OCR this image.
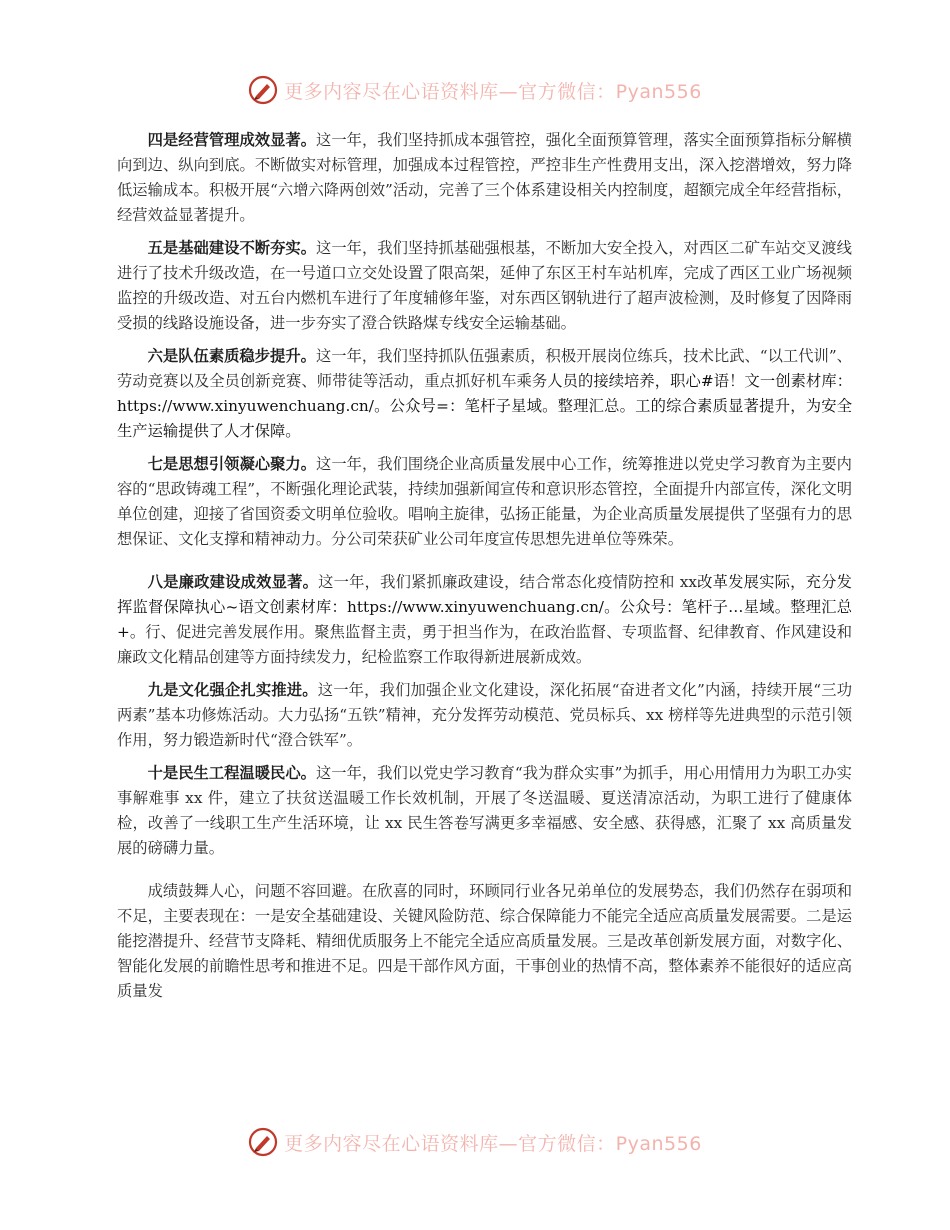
更多内容尽在心语资料库—官方微信：Pyan556

四是经营管理成效显著。这一年，我们坚持抓成本强管控，强化全面预算管理，落实全面预算指标分解横向到边、纵向到底。不断做实对标管理，加强成本过程管控，严控非生产性费用支出，深入挖潜增效，努力降低运输成本。积极开展“六增六降两创效”活动，完善了三个体系建设相关内控制度，超额完成全年经营指标，经营效益显著提升。

五是基础建设不断夯实。这一年，我们坚持抓基础强根基，不断加大安全投入，对西区二矿车站交叉渡线进行了技术升级改造，在一号道口立交处设置了限高架，延伸了东区王村车站机库，完成了西区工业广场视频监控的升级改造、对五台内燃机车进行了年度辅修年鉴，对东西区钢轨进行了超声波检测，及时修复了因降雨受损的线路设施设备，进一步夯实了澄合铁路煤专线安全运输基础。

六是队伍素质稳步提升。这一年，我们坚持抓队伍强素质，积极开展岗位练兵，技术比武、“以工代训”、劳动竞赛以及全员创新竞赛、师带徒等活动，重点抓好机车乘务人员的接续培养，职心#语！文一创素材库：https://www.xinyuwenchuang.cn/。公众号=：笔杆子星域。整理汇总。工的综合素质显著提升，为安全生产运输提供了人才保障。

七是思想引领凝心聚力。这一年，我们围绕企业高质量发展中心工作，统筹推进以党史学习教育为主要内容的“思政铸魂工程”，不断强化理论武装，持续加强新闻宣传和意识形态管控，全面提升内部宣传，深化文明单位创建，迎接了省国资委文明单位验收。唱响主旋律，弘扬正能量，为企业高质量发展提供了坚强有力的思想保证、文化支撑和精神动力。分公司荣获矿业公司年度宣传思想先进单位等殊荣。

八是廉政建设成效显著。这一年，我们紧抓廉政建设，结合常态化疫情防控和 xx改革发展实际，充分发挥监督保障执心~语文创素材库：https://www.xinyuwenchuang.cn/。公众号：笔杆子…星域。整理汇总+。行、促进完善发展作用。聚焦监督主责，勇于担当作为，在政治监督、专项监督、纪律教育、作风建设和廉政文化精品创建等方面持续发力，纪检监察工作取得新进展新成效。

九是文化强企扎实推进。这一年，我们加强企业文化建设，深化拓展“奋进者文化”内涵，持续开展“三功两素”基本功修炼活动。大力弘扬“五铁”精神，充分发挥劳动模范、党员标兵、xx 榜样等先进典型的示范引领作用，努力锻造新时代“澄合铁军”。

十是民生工程温暖民心。这一年，我们以党史学习教育“我为群众实事”为抓手，用心用情用力为职工办实事解难事 xx 件，建立了扶贫送温暖工作长效机制，开展了冬送温暖、夏送清凉活动，为职工进行了健康体检，改善了一线职工生产生活环境，让 xx 民生答卷写满更多幸福感、安全感、获得感，汇聚了 xx 高质量发展的磅礴力量。

成绩鼓舞人心，问题不容回避。在欣喜的同时，环顾同行业各兄弟单位的发展势态，我们仍然存在弱项和不足，主要表现在：一是安全基础建设、关键风险防范、综合保障能力不能完全适应高质量发展需要。二是运能挖潜提升、经营节支降耗、精细优质服务上不能完全适应高质量发展。三是改革创新发展方面，对数字化、智能化发展的前瞻性思考和推进不足。四是干部作风方面，干事创业的热情不高，整体素养不能很好的适应高质量发

更多内容尽在心语资料库—官方微信：Pyan556
